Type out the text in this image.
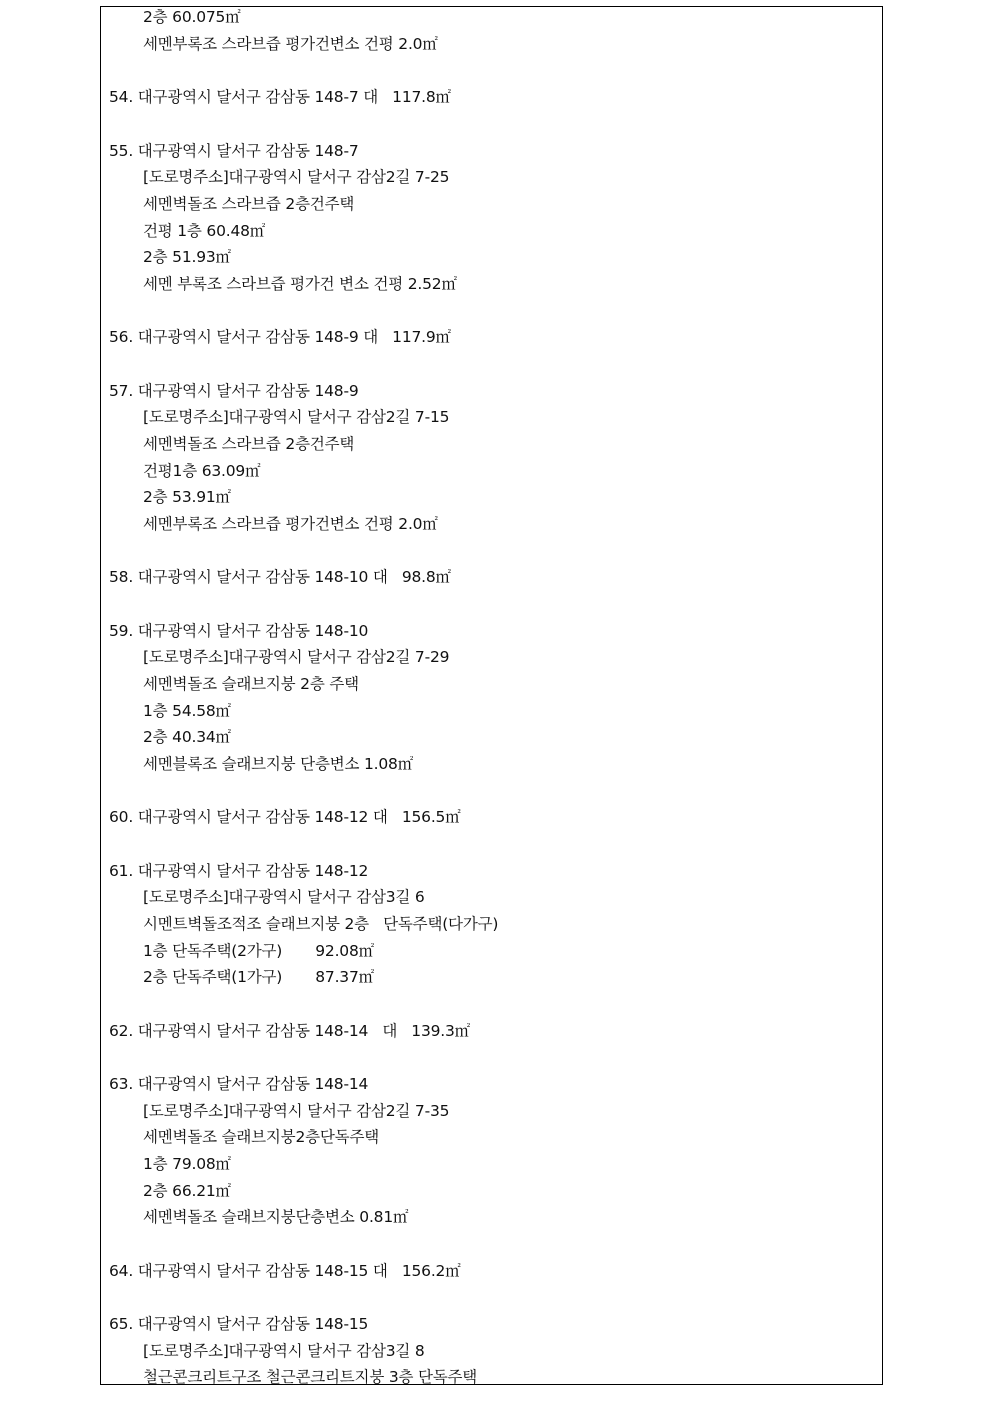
2층 60.075㎡
세멘부록조 스라브즙 평가건변소 건평 2.0㎡
54. 대구광역시 달서구 감삼동 148-7 대   117.8㎡
55. 대구광역시 달서구 감삼동 148-7
[도로명주소]대구광역시 달서구 감삼2길 7-25
세멘벽돌조 스라브즙 2층건주택
건평 1층 60.48㎡
2층 51.93㎡
세멘 부록조 스라브즙 평가건 변소 건평 2.52㎡
56. 대구광역시 달서구 감삼동 148-9 대   117.9㎡
57. 대구광역시 달서구 감삼동 148-9
[도로명주소]대구광역시 달서구 감삼2길 7-15
세멘벽돌조 스라브즙 2층건주택
건평1층 63.09㎡
2층 53.91㎡
세멘부록조 스라브즙 평가건변소 건평 2.0㎡
58. 대구광역시 달서구 감삼동 148-10 대   98.8㎡
59. 대구광역시 달서구 감삼동 148-10
[도로명주소]대구광역시 달서구 감삼2길 7-29
세멘벽돌조 슬래브지붕 2층 주택
1층 54.58㎡
2층 40.34㎡
세멘블록조 슬래브지붕 단층변소 1.08㎡
60. 대구광역시 달서구 감삼동 148-12 대   156.5㎡
61. 대구광역시 달서구 감삼동 148-12
[도로명주소]대구광역시 달서구 감삼3길 6
시멘트벽돌조적조 슬래브지붕 2층   단독주택(다가구)
1층 단독주택(2가구)       92.08㎡
2층 단독주택(1가구)       87.37㎡
62. 대구광역시 달서구 감삼동 148-14   대   139.3㎡
63. 대구광역시 달서구 감삼동 148-14
[도로명주소]대구광역시 달서구 감삼2길 7-35
세멘벽돌조 슬래브지붕2층단독주택
1층 79.08㎡
2층 66.21㎡
세멘벽돌조 슬래브지붕단층변소 0.81㎡
64. 대구광역시 달서구 감삼동 148-15 대   156.2㎡
65. 대구광역시 달서구 감삼동 148-15
[도로명주소]대구광역시 달서구 감삼3길 8
철근콘크리트구조 철근콘크리트지붕 3층 단독주택
